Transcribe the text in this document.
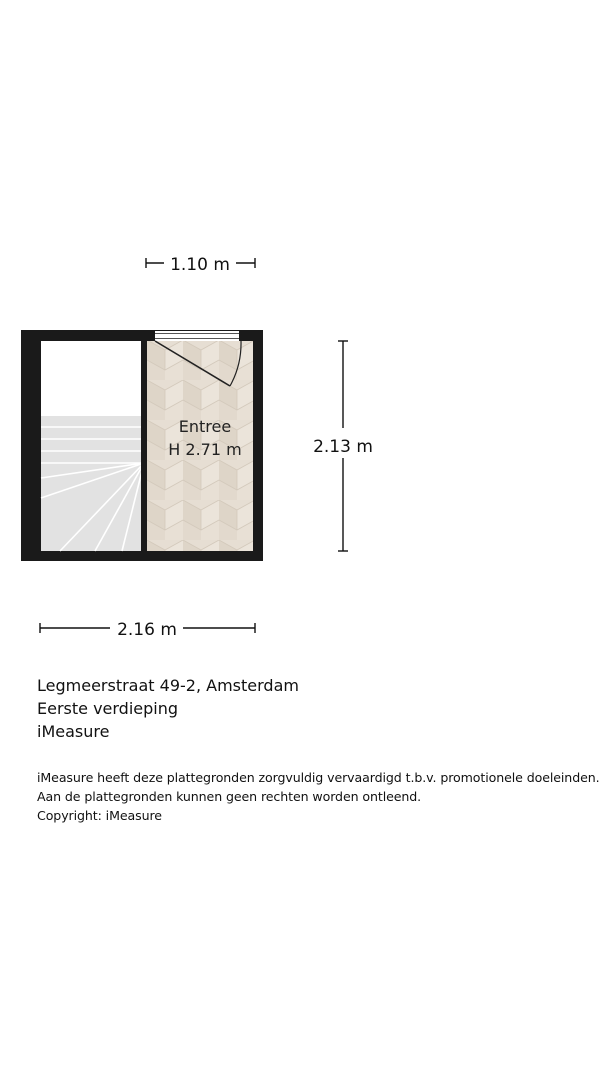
1.10 m
Entree
H 2.71 m	2.13 m
2.16 m
Legmeerstraat 49-2, Amsterdam
Eerste verdieping
iMeasure
iMeasure heeft deze plattegronden zorgvuldig vervaardigd t.b.v. promotionele doeleinden.
Aan de plattegronden kunnen geen rechten worden ontleend.
Copyright: iMeasure
